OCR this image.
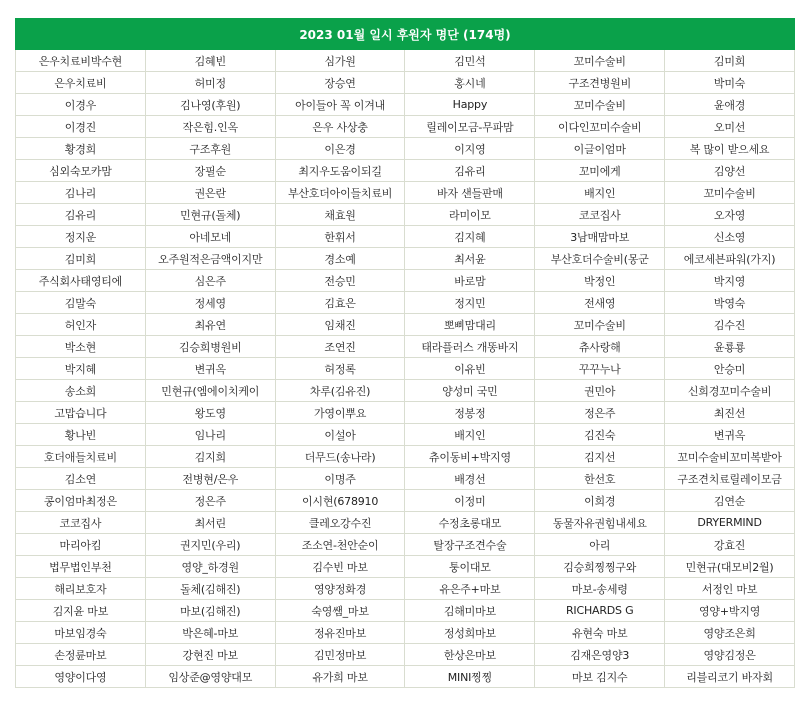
2023 01월 일시 후원자 명단 (174명)					
은우치료비박수현	김혜빈	심가원	김민석	꼬미수술비	김미희
은우치료비	허미정	장승연	홍시네	구조견병원비	박미숙
이경우	김나영(후원)	아이들아 꼭 이겨내	Happy	꼬미수술비	윤애경
이경진	작은힘.인옥	은우 사상충	릴레이모금-무파맘	이다인꼬미수술비	오미선
황경희	구조후원	이은경	이지영	이글이엄마	복 많이 받으세요
심외숙모카맘	장필순	최지우도움이되길	김유리	꼬미에게	김양선
김나리	권은란	부산호더아이들치료비	바자 샌들판매	배지인	꼬미수술비
김유리	민현규(돌체)	채효원	라미이모	코코집사	오자영
정지운	아네모네	한휘서	김지혜	3남매맘마보	신소영
김미희	오주원적은금액이지만	경소예	최서윤	부산호더수술비(몽군	에코세븐파워(가지)
주식회사태영티에	심은주	전승민	바로맘	박정인	박지영
김말숙	정세영	김효은	정지민	전새영	박영숙
허인자	최유연	임채진	뽀삐맘대리	꼬미수술비	김수진
박소현	김승희병원비	조연진	태라플러스 개똥바지	츄사랑해	윤룡룡
박지혜	변귀옥	허정록	이유빈	꾸꾸누나	안승미
송소희	민현규(엠에이치케이	차루(김유진)	양성미 국민	권민아	신희경꼬미수술비
고맙습니다	왕도영	가영이뿌요	정봉정	정은주	최진선
황나빈	임나리	이설아	배지인	김진숙	변귀옥
호더애들치료비	김지희	더무드(송나라)	츄이동비+박지영	김지선	꼬미수술비꼬미복받아
김소연	전병현/은우	이명주	배경선	한선호	구조견치료릴레이모금
콩이엄마최정은	정은주	이시현(678910	이정미	이희경	김연순
코코집사	최서린	클레오강수진	수정초롱대모	동물자유권힘내세요	DRYERMIND
마리아킴	권지민(우리)	조소연-천안순이	탈장구조견수술	아리	강효진
법무법인부천	영양_하경원	김수빈 마보	퉁이대모	김승희찡찡구와	민현규(대모비2월)
해리보호자	돌체(김해진)	영양정화경	유은주+마보	마보-송세령	서정인 마보
김지윤 마보	마보(김해진)	숙영쌤_마보	김해미마보	RICHARDS G	영양+박지영
마보임경숙	박은혜-마보	정유진마보	정성희마보	유현숙 마보	영양조은희
손정륜마보	강현진 마보	김민정마보	한상은마보	김재은영양3	영양김정은
영양이다영	임상준@영양대모	유가희 마보	MINI찡찡	마보 김지수	리블리코기 바자회
